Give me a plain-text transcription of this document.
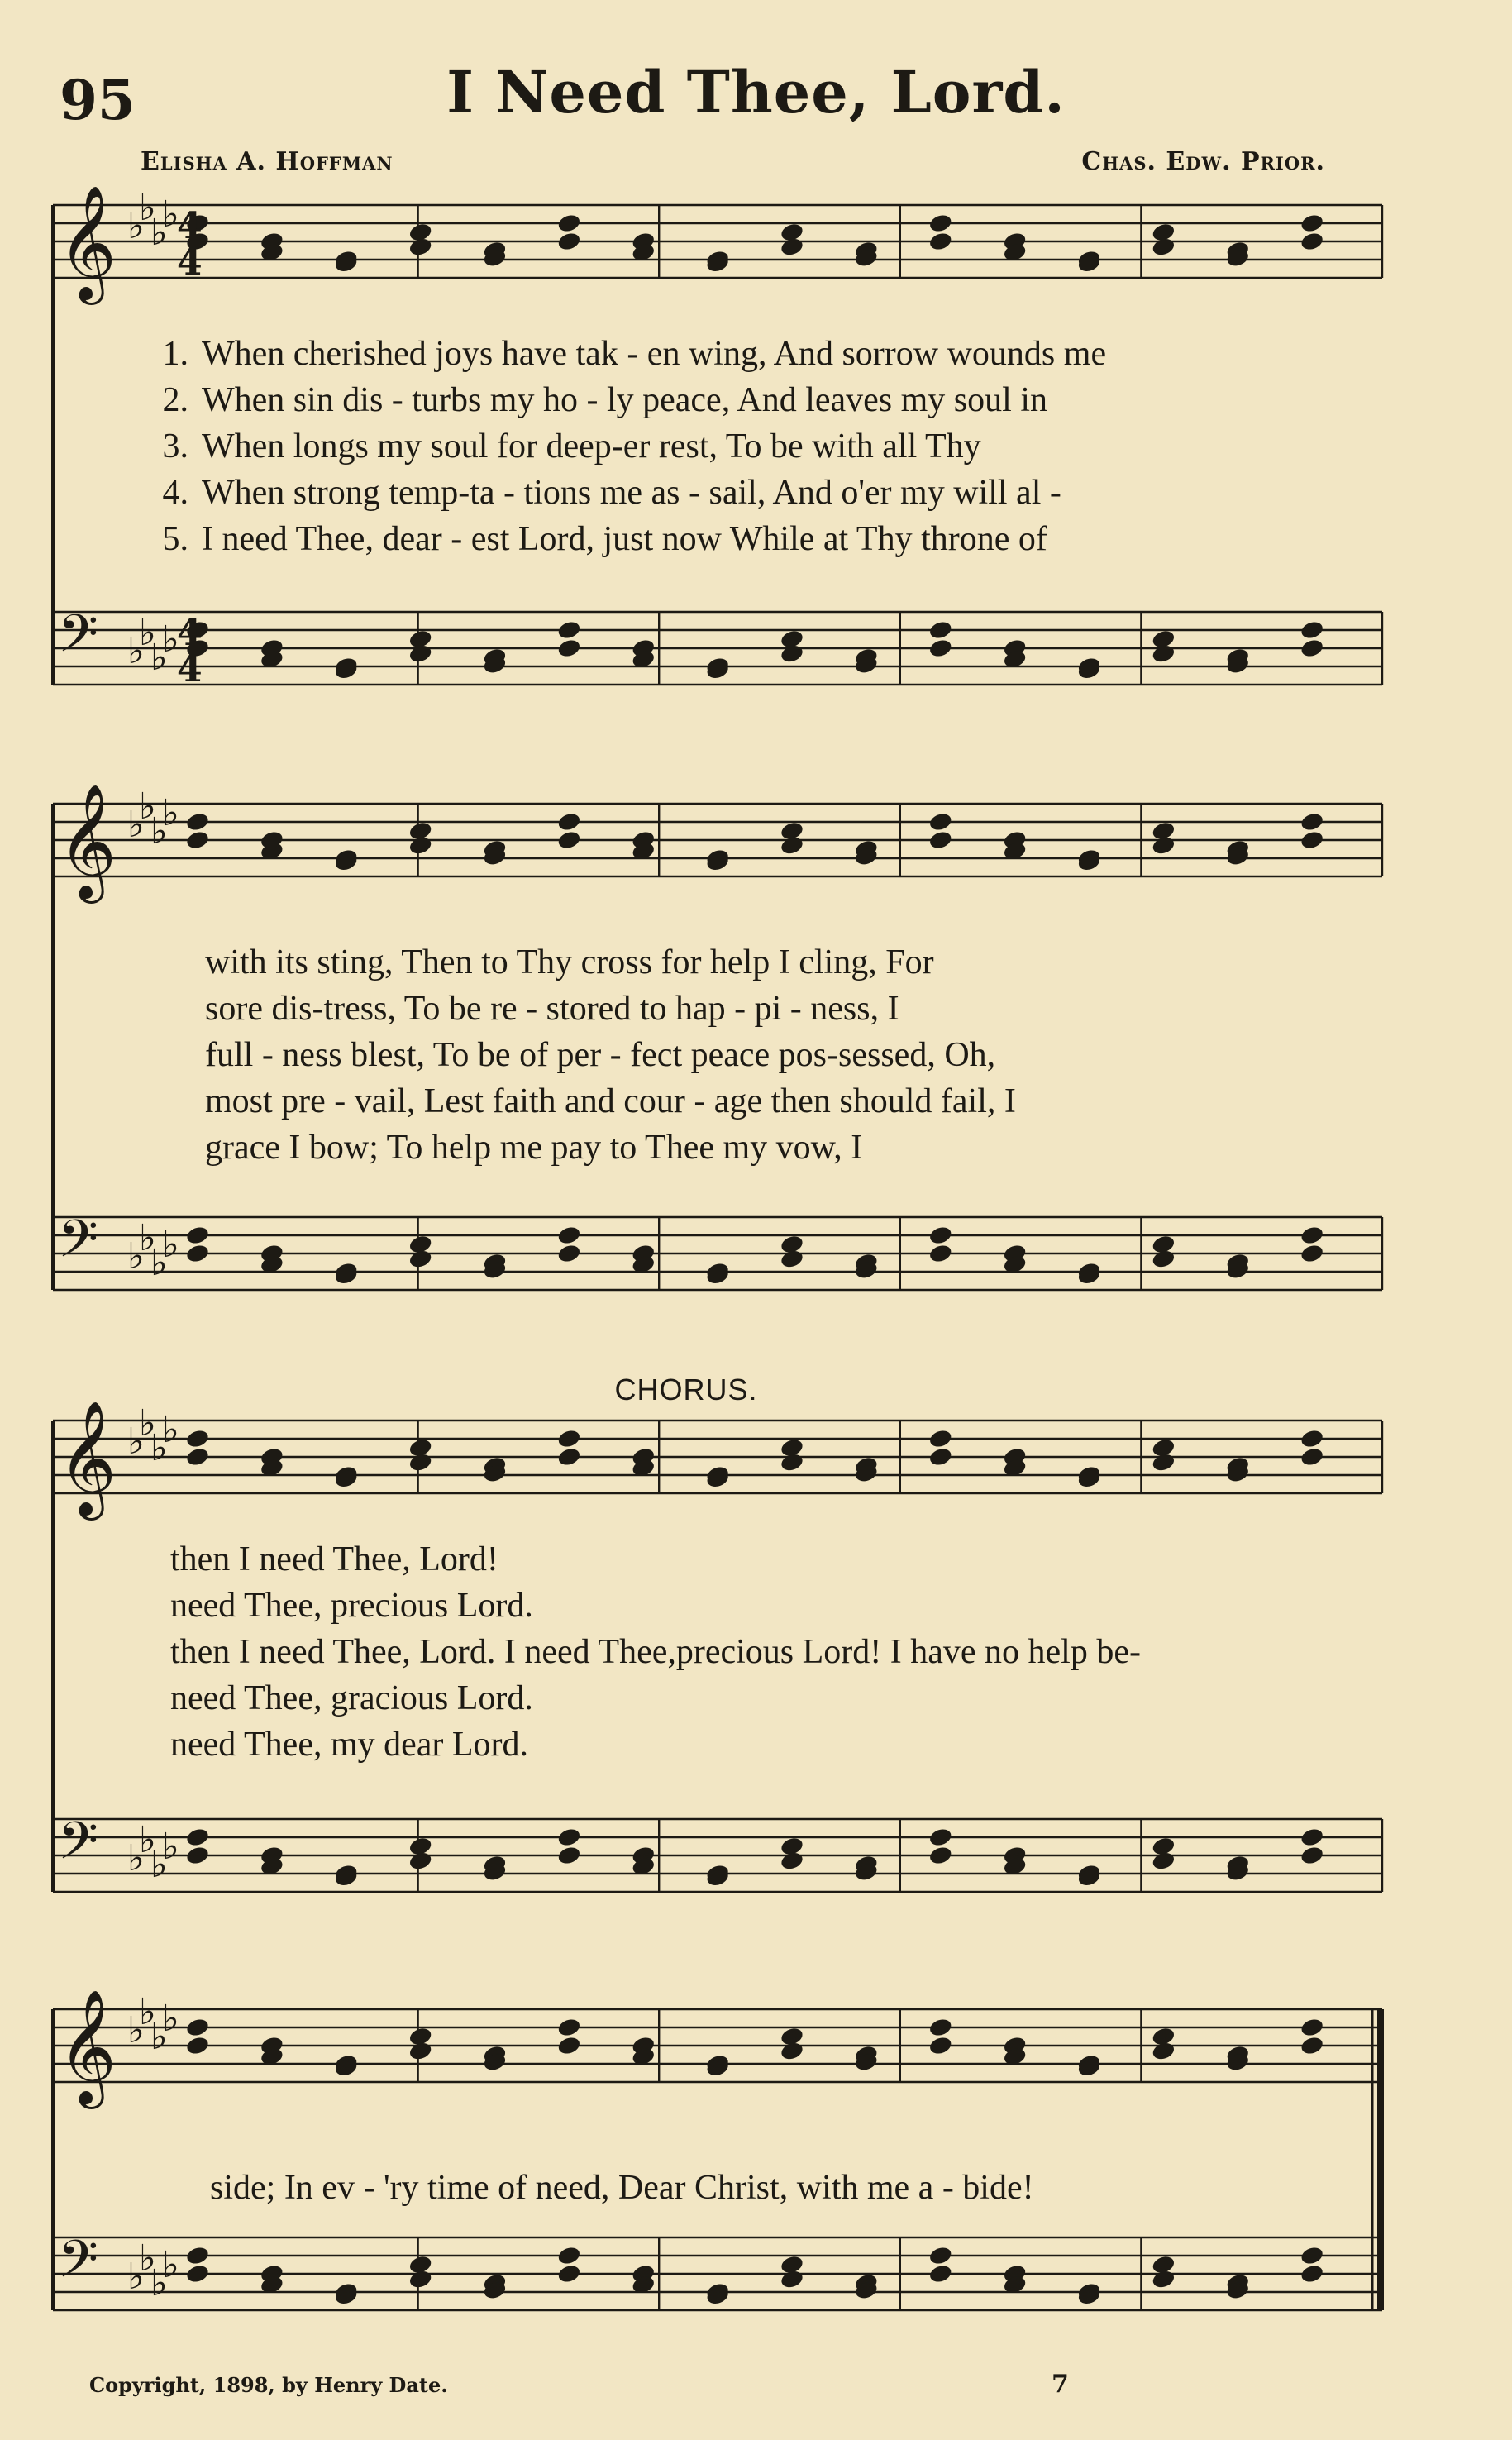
95	I Need Thee, Lord.
Elisha A. Hoffman	Chas. Edw. Prior.
𝄞 ♭
♭
♭
♭
𝄢 ♭
♭
♭
♭
𝄞 ♭
♭
♭
♭
𝄢 ♭
♭
♭
♭
𝄞 ♭
♭
♭
♭
𝄢 ♭
♭
♭
♭
𝄞 ♭
♭
♭
♭
𝄢 ♭
♭
♭
♭
4
4
4
4
1. When cherished joys have tak - en wing, And sorrow wounds me
2. When sin dis - turbs my ho - ly peace, And leaves my soul in
3. When longs my soul for deep-er rest, To be with all Thy
4. When strong temp-ta - tions me as - sail, And o'er my will al -
5. I need Thee, dear - est Lord, just now While at Thy throne of
with its sting, Then to Thy cross for help I cling, For
sore dis-tress, To be re - stored to hap - pi - ness, I
full - ness blest, To be of per - fect peace pos-sessed, Oh,
most pre - vail, Lest faith and cour - age then should fail, I
grace I bow; To help me pay to Thee my vow, I
CHORUS.
then I need Thee, Lord!
need Thee, precious Lord.
then I need Thee, Lord. I need Thee,precious Lord! I have no help be-
need Thee, gracious Lord.
need Thee, my dear Lord.
side; In ev - 'ry time of need, Dear Christ, with me a - bide!
Copyright, 1898, by Henry Date.	7
